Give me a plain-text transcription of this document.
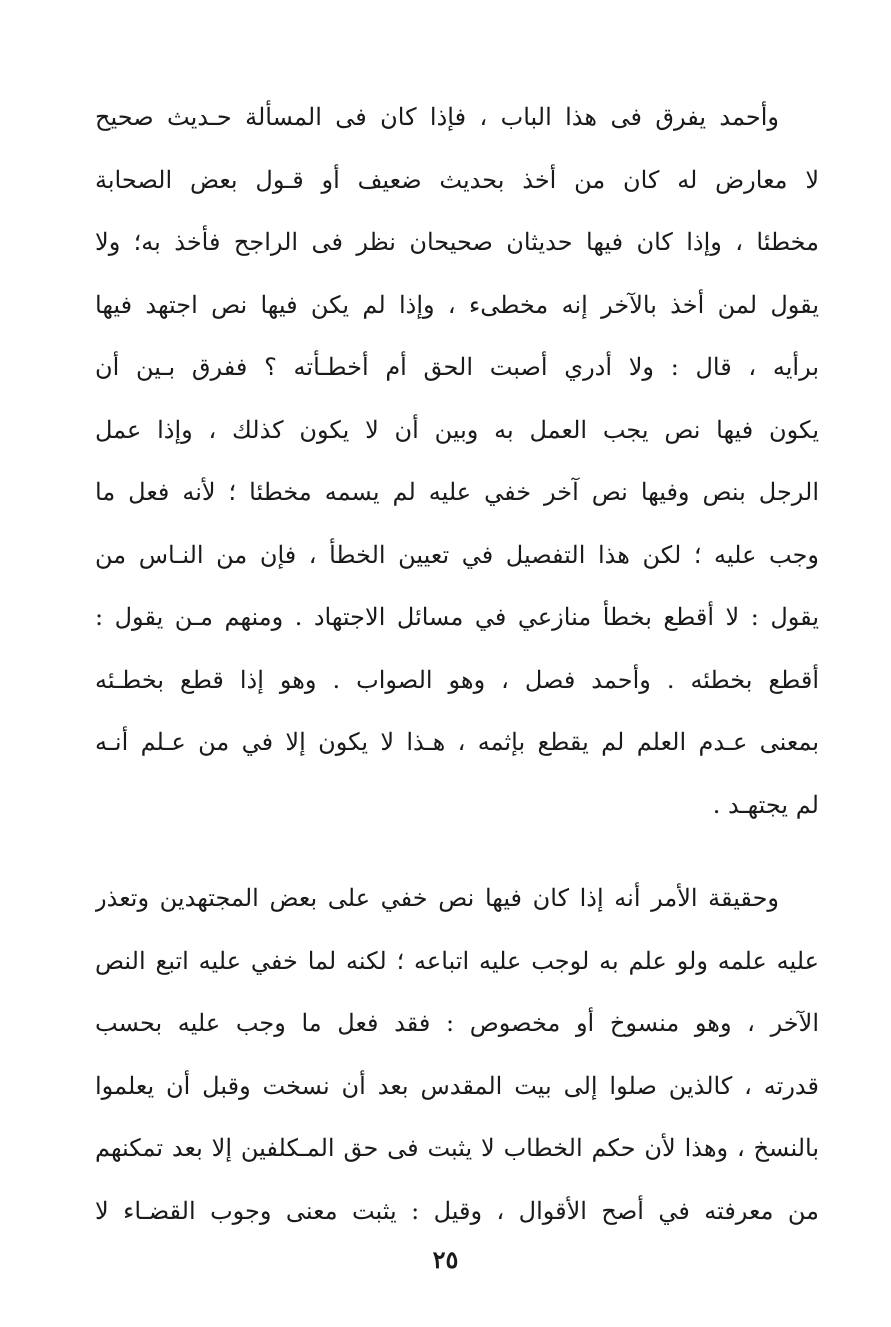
وأحمد يفرق فى هذا الباب ، فإذا كان فى المسألة حـديث صحيح
لا معارض له كان من أخذ بحديث ضعيف أو قـول بعض الصحابة
مخطئا ، وإذا كان فيها حديثان صحيحان نظر فى الراجح فأخذ به؛ ولا
يقول لمن أخذ بالآخر إنه مخطىء ، وإذا لم يكن فيها نص اجتهد فيها
برأيه ، قال : ولا أدري أصبت الحق أم أخطـأته ؟ ففرق بـين أن
يكون فيها نص يجب العمل به وبين أن لا يكون كذلك ، وإذا عمل
الرجل بنص وفيها نص آخر خفي عليه لم يسمه مخطئا ؛ لأنه فعل ما
وجب عليه ؛ لكن هذا التفصيل في تعيين الخطأ ، فإن من النـاس من
يقول : لا أقطع بخطأ منازعي في مسائل الاجتهاد . ومنهم مـن يقول :
أقطع بخطئه . وأحمد فصل ، وهو الصواب . وهو إذا قطع بخطـئه
بمعنى عـدم العلم لم يقطع بإثمه ، هـذا لا يكون إلا في من عـلم أنـه
لم يجتهـد .
وحقيقة الأمر أنه إذا كان فيها نص خفي على بعض المجتهدين وتعذر
عليه علمه ولو علم به لوجب عليه اتباعه ؛ لكنه لما خفي عليه اتبع النص
الآخر ، وهو منسوخ أو مخصوص : فقد فعل ما وجب عليه بحسب
قدرته ، كالذين صلوا إلى بيت المقدس بعد أن نسخت وقبل أن يعلموا
بالنسخ ، وهذا لأن حكم الخطاب لا يثبت فى حق المـكلفين إلا بعد تمكنهم
من معرفته في أصح الأقوال ، وقيل : يثبت معنى وجوب القضـاء لا
٢٥
